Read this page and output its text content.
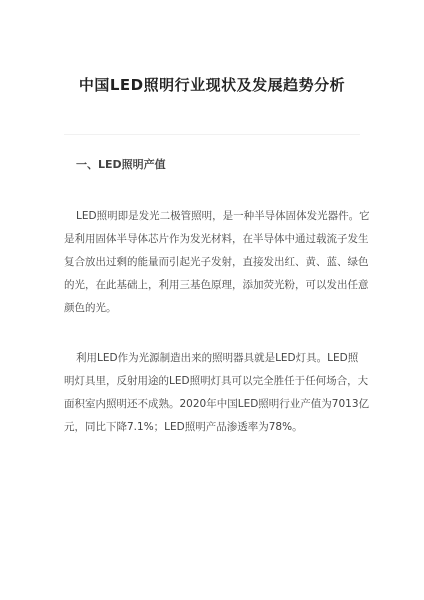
中国LED照明行业现状及发展趋势分析
一、LED照明产值
LED照明即是发光二极管照明，是一种半导体固体发光器件。它
是利用固体半导体芯片作为发光材料，在半导体中通过载流子发生
复合放出过剩的能量而引起光子发射，直接发出红、黄、蓝、绿色
的光，在此基础上，利用三基色原理，添加荧光粉，可以发出任意
颜色的光。
利用LED作为光源制造出来的照明器具就是LED灯具。LED照
明灯具里，反射用途的LED照明灯具可以完全胜任于任何场合，大
面积室内照明还不成熟。2020年中国LED照明行业产值为7013亿
元，同比下降7.1%；LED照明产品渗透率为78%。
